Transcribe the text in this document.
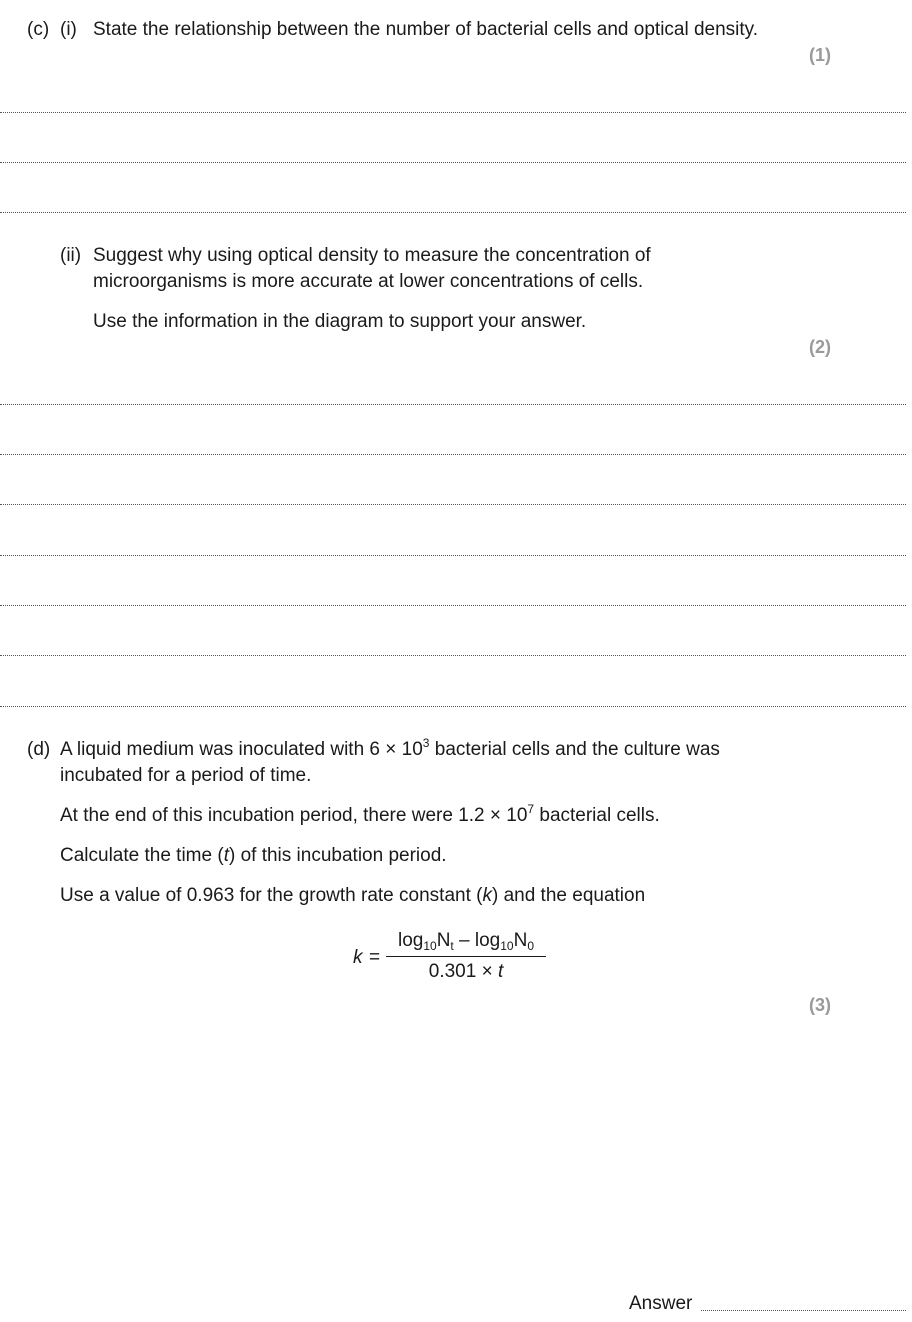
(c) (i) State the relationship between the number of bacterial cells and optical density.
(1)
(ii) Suggest why using optical density to measure the concentration of
microorganisms is more accurate at lower concentrations of cells.
Use the information in the diagram to support your answer.
(2)
(d) A liquid medium was inoculated with $6 \times 10^3$ bacterial cells and the culture was
incubated for a period of time.
At the end of this incubation period, there were $1.2 \times 10^7$ bacterial cells.
Calculate the time (t) of this incubation period.
Use a value of 0.963 for the growth rate constant (k) and the equation
$k = \frac{\log_{10}N_t - \log_{10}N_0}{0.301 \times t}$
(3)
Answer
